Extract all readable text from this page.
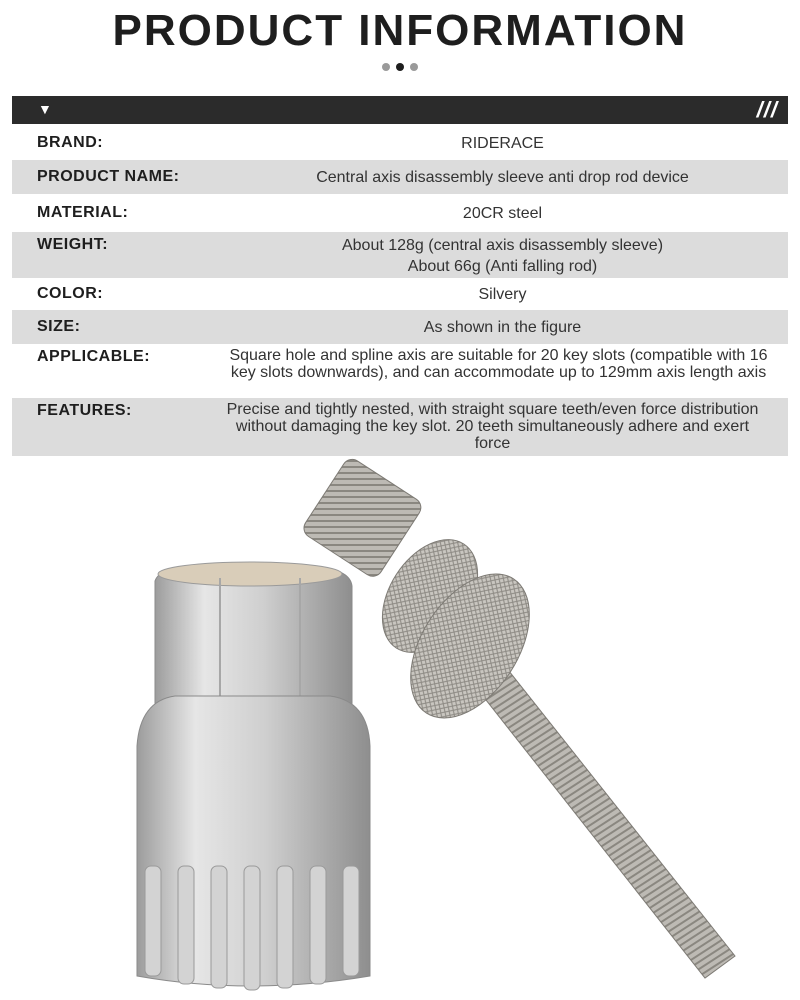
PRODUCT INFORMATION
▼	///
BRAND:	RIDERACE
PRODUCT NAME:	Central axis disassembly sleeve anti drop rod device
MATERIAL:	20CR steel
WEIGHT:	About 128g (central axis disassembly sleeve)
About 66g (Anti falling rod)

COLOR:	Silvery
SIZE:	As shown in the figure
APPLICABLE:	Square hole and spline axis are suitable for 20 key slots (compatible with 16 key slots downwards), and can accommodate up to 129mm axis length axis
FEATURES:	Precise and tightly nested, with straight square teeth/even force distribution without damaging the key slot. 20 teeth simultaneously adhere and exert force
